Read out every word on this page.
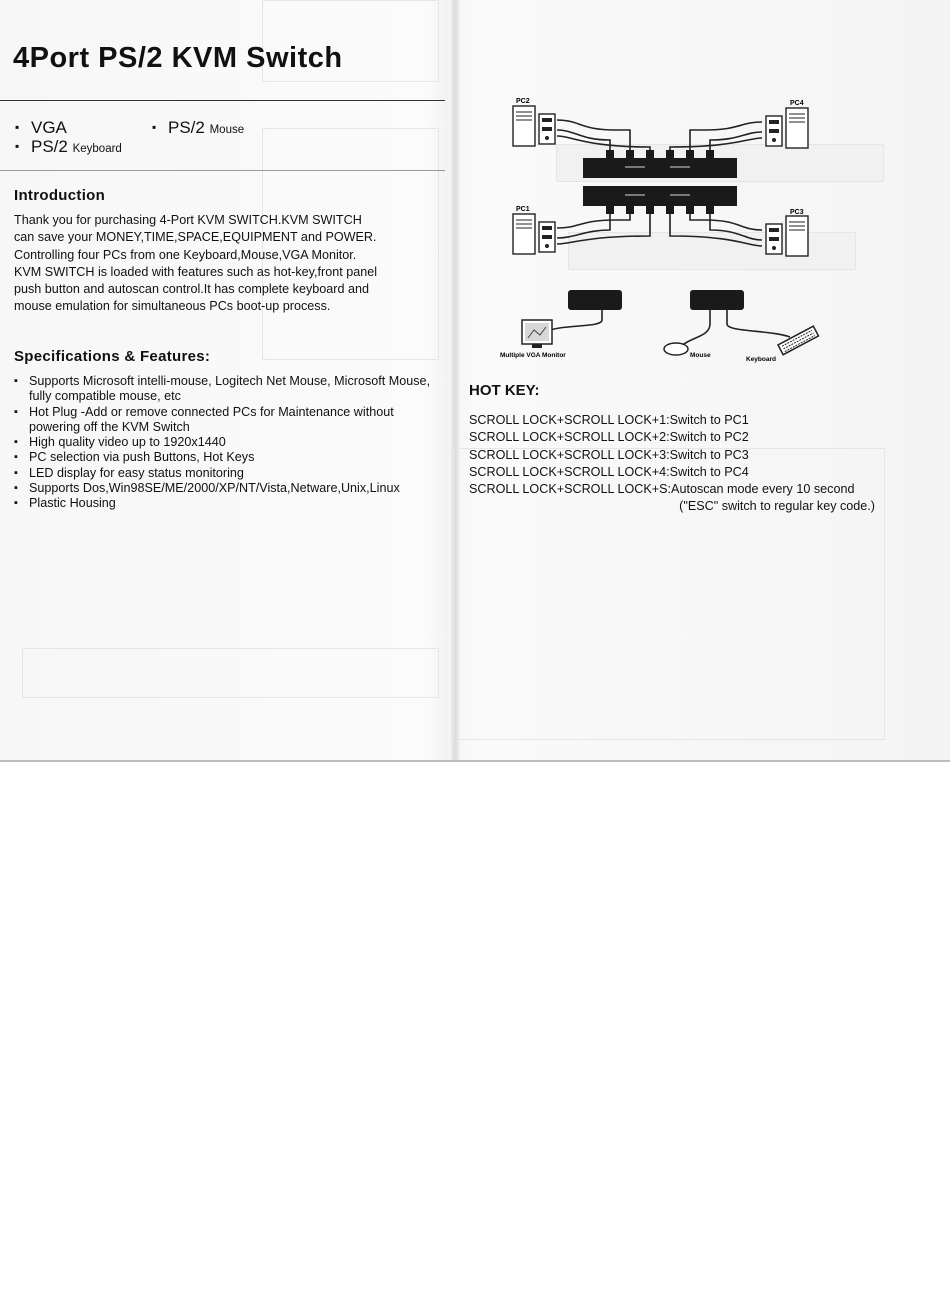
4Port PS/2 KVM Switch
▪ VGA
▪	PS/2 Mouse
▪ PS/2 Keyboard
Introduction
Thank you for purchasing 4-Port KVM SWITCH.KVM SWITCH
can save your MONEY,TIME,SPACE,EQUIPMENT and POWER.
Controlling four PCs from one Keyboard,Mouse,VGA Monitor.
KVM SWITCH is loaded with features such as hot-key,front panel
push button and autoscan control.It has complete keyboard and
mouse emulation for simultaneous PCs boot-up process.
Specifications & Features:
▪ Supports Microsoft intelli-mouse, Logitech Net Mouse, Microsoft Mouse, fully compatible mouse, etc
▪ Hot Plug -Add or remove connected PCs for Maintenance without powering off the KVM Switch
▪ High quality video up to 1920x1440
▪ PC selection via push Buttons, Hot Keys
▪ LED display for easy status monitoring
▪ Supports Dos,Win98SE/ME/2000/XP/NT/Vista,Netware,Unix,Linux
▪ Plastic Housing
PC2	PC4
PC1	PC3
Multiple VGA Monitor	Mouse
Keyboard
HOT KEY:
SCROLL LOCK+SCROLL LOCK+1:Switch to PC1
SCROLL LOCK+SCROLL LOCK+2:Switch to PC2
SCROLL LOCK+SCROLL LOCK+3:Switch to PC3
SCROLL LOCK+SCROLL LOCK+4:Switch to PC4
SCROLL LOCK+SCROLL LOCK+S:Autoscan mode every 10 second
("ESC" switch to regular key code.)
